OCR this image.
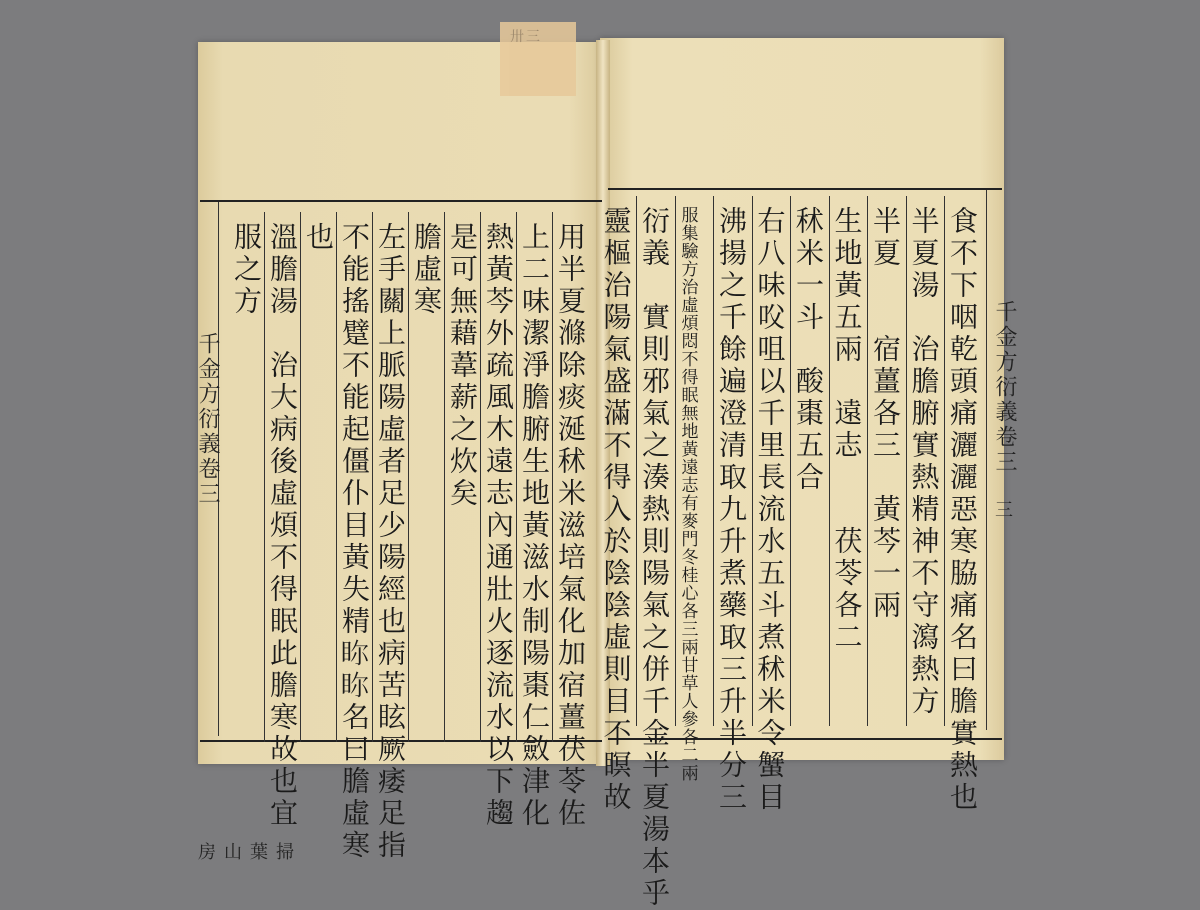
卅三
千金方衍義卷三
掃葉山房
千金方衍義卷三
三
食不下咽乾頭痛灑灑惡寒脇痛名曰膽實熱也
半夏湯　治膽腑實熱精神不守瀉熱方
半夏　　宿薑各三　黃芩一兩
生地黃五兩　遠志　　茯苓各二
秫米一斗　酸棗五合
右八味㕮咀以千里長流水五斗煮秫米令蟹目
沸揚之千餘遍澄清取九升煮藥取三升半分三
服集驗方治虛煩悶不得眠無地黃遠志有麥門冬桂心各三兩甘草人參各二兩
衍義　實則邪氣之湊熱則陽氣之併千金半夏湯本乎
靈樞治陽氣盛滿不得入於陰陰虛則目不瞑故
用半夏滌除痰涎秫米滋培氣化加宿薑茯苓佐
上二味潔淨膽腑生地黃滋水制陽棗仁斂津化
熱黃芩外疏風木遠志內通壯火逐流水以下趨
是可無藉葦薪之炊矣
膽虛寒
左手關上脈陽虛者足少陽經也病苦眩厥痿足指
不能搖躄不能起僵仆目黃失精𥅘𥅘名曰膽虛寒
也
溫膽湯　治大病後虛煩不得眠此膽寒故也宜
服之方
